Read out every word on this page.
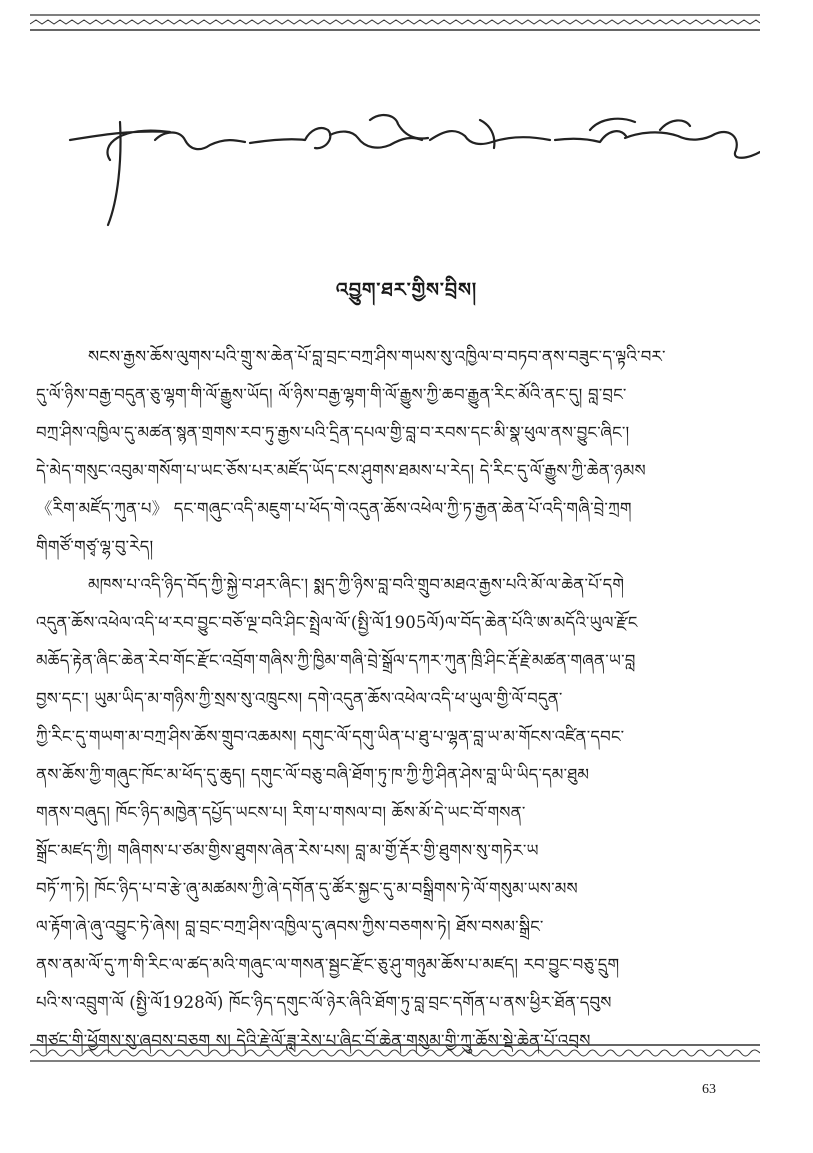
འབྱུག་ཐར་གྱིས་བྲིས།
སངས་རྒྱས་ཆོས་ལུགས་པའི་གྲུ་ས་ཆེན་པོ་བླ་བྲང་བཀྲ་ཤིས་གཡས་སུ་འཁྱིལ་བ་བཏབ་ནས་བཟུང་ད་ལྟའི་བར་
དུ་ལོ་ཉིས་བརྒྱ་བདུན་ཅུ་ལྷག་གི་ལོ་རྒྱུས་ཡོད། ལོ་ཉིས་བརྒྱ་ལྷག་གི་ལོ་རྒྱུས་ཀྱི་ཆབ་རྒྱུན་རིང་མོའི་ནང་དུ། བླ་བྲང་
བཀྲ་ཤིས་འཁྱིལ་དུ་མཚན་སྙན་གྲགས་རབ་ཏུ་རྒྱས་པའི་དྲིན་དཔལ་གྱི་བླ་བ་རབས་དང་མི་སྣ་ཕུལ་ནས་བྱུང་ཞིང་།
དེ་མེད་གསུང་འབུམ་གསོག་པ་ཡང་ཅོས་པར་མཛོད་ཡོད་ངས་ཤུགས་ཐམས་པ་རེད། དེ་རིང་དུ་ལོ་རྒྱུས་ཀྱི་ཆེན་ཉམས
《རིག་མཛོད་ཀུན་པ》 དང་གཞུང་འདི་མཇུག་པ་ཕོད་གེ་འདུན་ཆོས་འཕེལ་ཀྱི་ཏ་རྒྱན་ཆེན་པོ་འདི་གཞི་བྲེ་ཀྲག
གིགཙོ་གཙྭ་ལྷ་བུ་རེད།
མཁས་པ་འདི་ཉིད་བོད་ཀྱི་སྐྱེ་བ་ཤར་ཞིང་། སྨད་ཀྱི་ཉིས་བླ་བའི་གྲུབ་མཐའ་རྒྱས་པའི་མོ་ལ་ཆེན་པོ་དགེ
འདུན་ཆོས་འཕེལ་འདི་ཕ་རབ་བྱུང་བཅོ་ལྔ་བའི་ཤིང་སྤྲེལ་ལོ་(སྤྱི་ལོ1905ལོ)ལ་བོད་ཆེན་པོའི་ཨ་མདོའི་ཡུལ་རྫོང
མཆོད་རྟེན་ཞིང་ཆེན་རེབ་གོང་རྫོང་འབྲོག་གཞིས་ཀྱི་ཁྱིམ་གཞི་བྲེ་སྒྲོལ་དཀར་ཀུན་ཁྲི་ཤིང་རྡོ་རྗེ་མཚན་གཞན་ཡ་བླ
བྱས་དང་། ཡུམ་ཡིད་མ་གཉིས་ཀྱི་སྲས་སུ་འཁྲུངས། དགེ་འདུན་ཆོས་འཕེལ་འདི་ཕ་ཡུལ་གྱི་ལོ་བདུན་
ཀྱི་རིང་དུ་གཡག་མ་བཀྲ་ཤིས་ཆོས་གྲུབ་འཆམས། དགུང་ལོ་དགུ་ཡིན་པ་ཐུ་པ་ལྷན་བླ་ཡ་མ་གོངས་འཛིན་དབང་
ནས་ཆོས་ཀྱི་གཞུང་ཁོང་མ་ཕོད་དུ་ཆུད། དགུང་ལོ་བཅུ་བཞི་ཐོག་ཏུ་ཁ་ཀྱི་ཀྱི་ཤིན་ཤེས་བླ་ཡི་ཡིད་དམ་ཐུམ
གནས་བཞུད། ཁོང་ཉིད་མཁྱེན་དཔྱོད་ཡངས་པ། རིག་པ་གསལ་བ། ཆོས་མོ་དེ་ཡང་བོ་གསན་
སྒྲོང་མཛད་ཀྱི། གཞིགས་པ་ཙམ་གྱིས་ཐུགས་ཞེན་རེས་པས། བླ་མ་གྱོ་རྡོར་གྱི་ཐུགས་སུ་གཏེར་ཡ
བཏོ་ཀ་ཏེ། ཁོང་ཉིད་པ་བ་རྩེ་ཞུ་མཚམས་ཀྱི་ཞེ་དགོན་དུ་ཚོར་སྐྱང་དུ་མ་བསྒྲིགས་ཏེ་ལོ་གསུམ་ཡས་མས
ལ་རྟོག་ཞེ་ཞུ་འབྱུང་ཏེ་ཞེས། བླ་བྲང་བཀྲ་ཤིས་འཁྱིལ་དུ་ཞབས་ཀྱིས་བཅགས་ཏེ། ཐོས་བསམ་སྒྲིང་
ནས་ནམ་ལོ་དུ་ཀ་གི་རིང་ལ་ཚད་མའི་གཞུང་ལ་གསན་སྦྱང་རྫོང་ཅུ་ཤུ་གཉུམ་ཆོས་པ་མཛད། རབ་བྱུང་བཅུ་དྲུག
པའི་ས་འབྲུག་ལོ (སྤྱི་ལོ1928ལོ) ཁོང་ཉིད་དགུང་ལོ་ཉེར་ཞིའི་ཐོག་ཏུ་བླ་བྲང་དགོན་པ་ནས་ཕྱིར་ཐོན་དབུས
གཙང་གི་ཕྱོགས་སུ་ཞབས་བཅག ས། དེའི་རྗེ་ལོ་ཟླ་རེས་པ་ཞིང་བོ་ཆེན་གསུམ་གྱི་ཀྲུ་ཆོས་སྡེ་ཆེན་པོ་འབྲས
63
